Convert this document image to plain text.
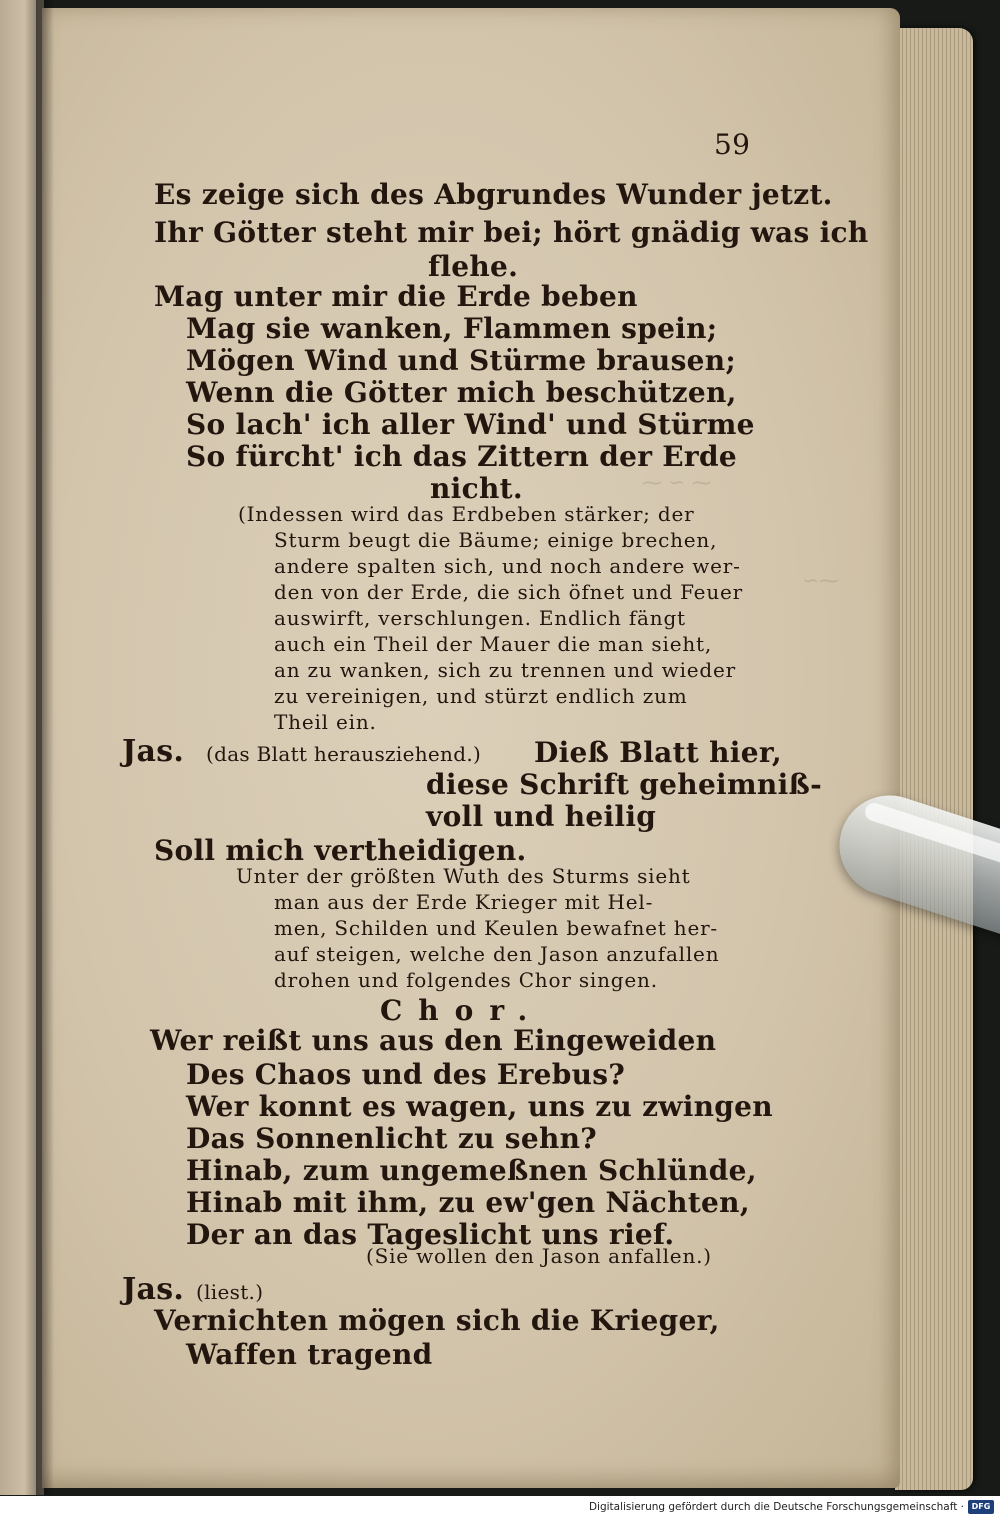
⁓ ∽ ⁓
∽⁓
59
Es zeige sich des Abgrundes Wunder jetzt.
Ihr Götter steht mir bei; hört gnädig was ich
flehe.
Mag unter mir die Erde beben
Mag sie wanken, Flammen spein;
Mögen Wind und Stürme brausen;
Wenn die Götter mich beschützen,
So lach' ich aller Wind' und Stürme
So fürcht' ich das Zittern der Erde
nicht.
(Indessen wird das Erdbeben stärker; der
Sturm beugt die Bäume; einige brechen,
andere spalten sich, und noch andere wer-
den von der Erde, die sich öfnet und Feuer
auswirft, verschlungen. Endlich fängt
auch ein Theil der Mauer die man sieht,
an zu wanken, sich zu trennen und wieder
zu vereinigen, und stürzt endlich zum
Theil ein.
Jas. (das Blatt herausziehend.) Dieß Blatt hier,
diese Schrift geheimniß-
voll und heilig
Soll mich vertheidigen.
Unter der größten Wuth des Sturms sieht
man aus der Erde Krieger mit Hel-
men, Schilden und Keulen bewafnet her-
auf steigen, welche den Jason anzufallen
drohen und folgendes Chor singen.
Chor.
Wer reißt uns aus den Eingeweiden
Des Chaos und des Erebus?
Wer konnt es wagen, uns zu zwingen
Das Sonnenlicht zu sehn?
Hinab, zum ungemeßnen Schlünde,
Hinab mit ihm, zu ew'gen Nächten,
Der an das Tageslicht uns rief.
(Sie wollen den Jason anfallen.)
Jas. (liest.)
Vernichten mögen sich die Krieger,
Waffen tragend
Digitalisierung gefördert durch die Deutsche Forschungsgemeinschaft · DFG
